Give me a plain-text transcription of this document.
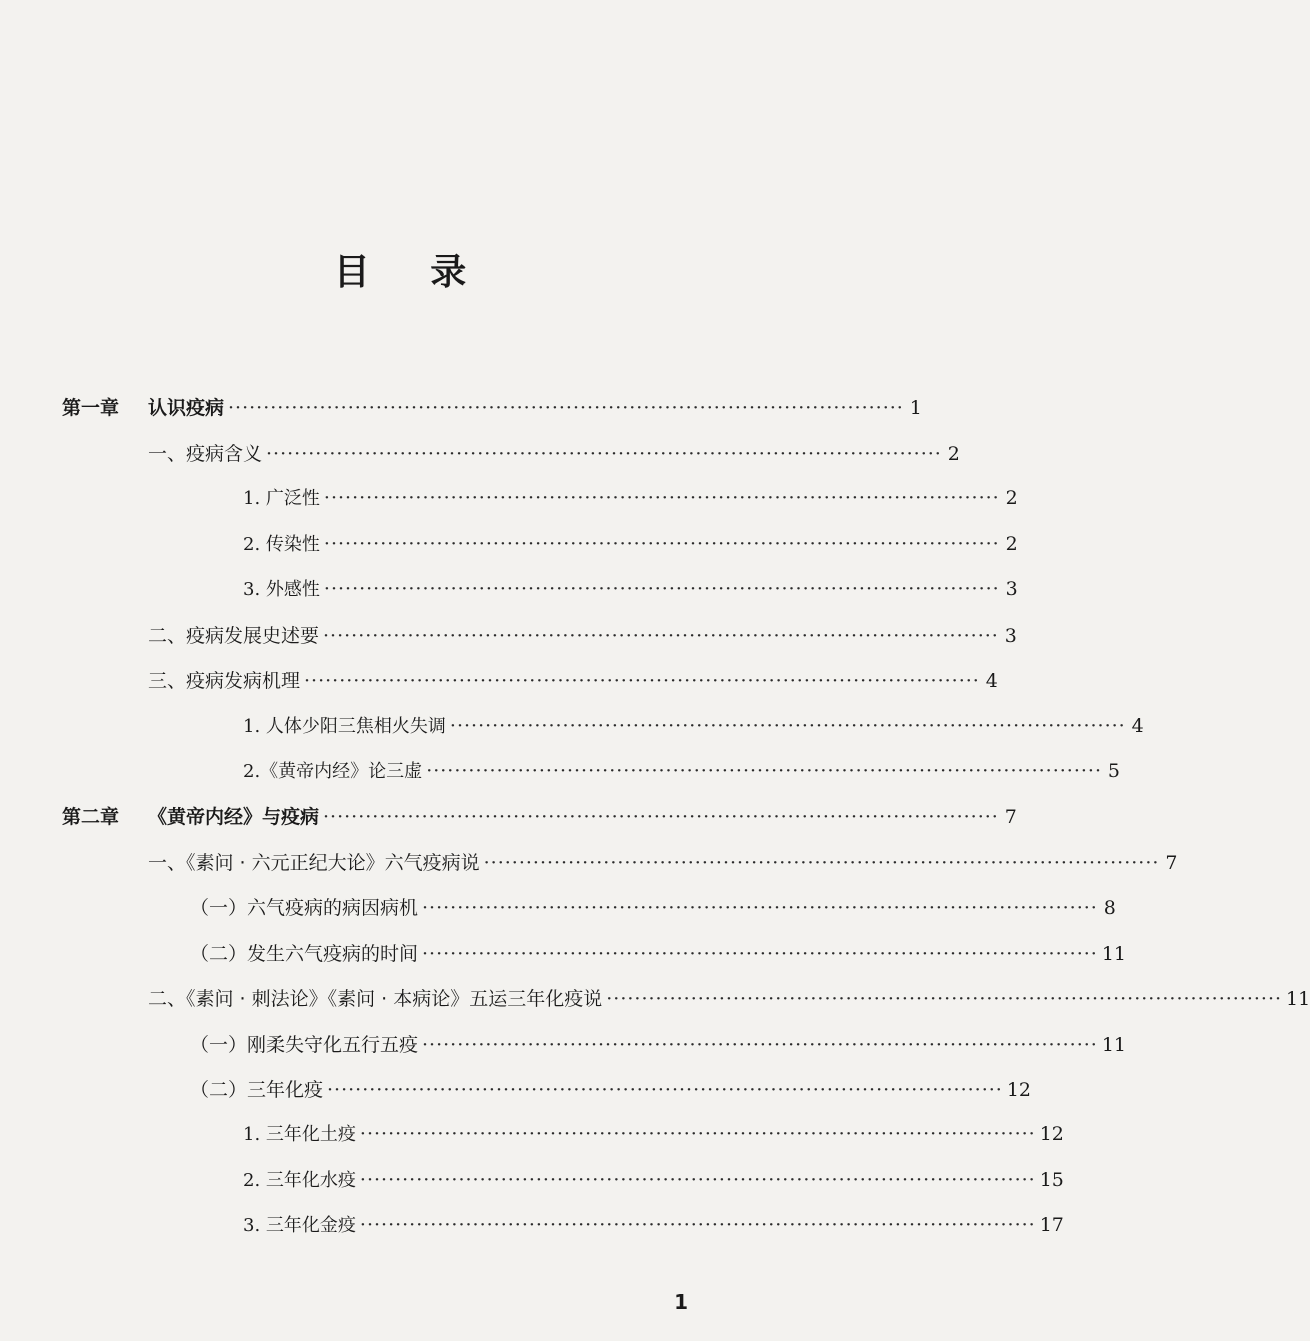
目 录
第一章 认识疫病 ································································································ 1
一、疫病含义 ································································································ 2
1. 广泛性 ································································································ 2
2. 传染性 ································································································ 2
3. 外感性 ································································································ 3
二、疫病发展史述要 ································································································ 3
三、疫病发病机理 ································································································ 4
1. 人体少阳三焦相火失调 ································································································ 4
2.《黄帝内经》论三虚 ································································································ 5
第二章 《黄帝内经》与疫病 ································································································ 7
一、《素问 · 六元正纪大论》六气疫病说 ································································································ 7
（一）六气疫病的病因病机 ································································································ 8
（二）发生六气疫病的时间 ································································································ 11
二、《素问 · 刺法论》《素问 · 本病论》五运三年化疫说 ································································································ 11
（一）刚柔失守化五行五疫 ································································································ 11
（二）三年化疫 ································································································ 12
1. 三年化土疫 ································································································ 12
2. 三年化水疫 ································································································ 15
3. 三年化金疫 ································································································ 17
1
